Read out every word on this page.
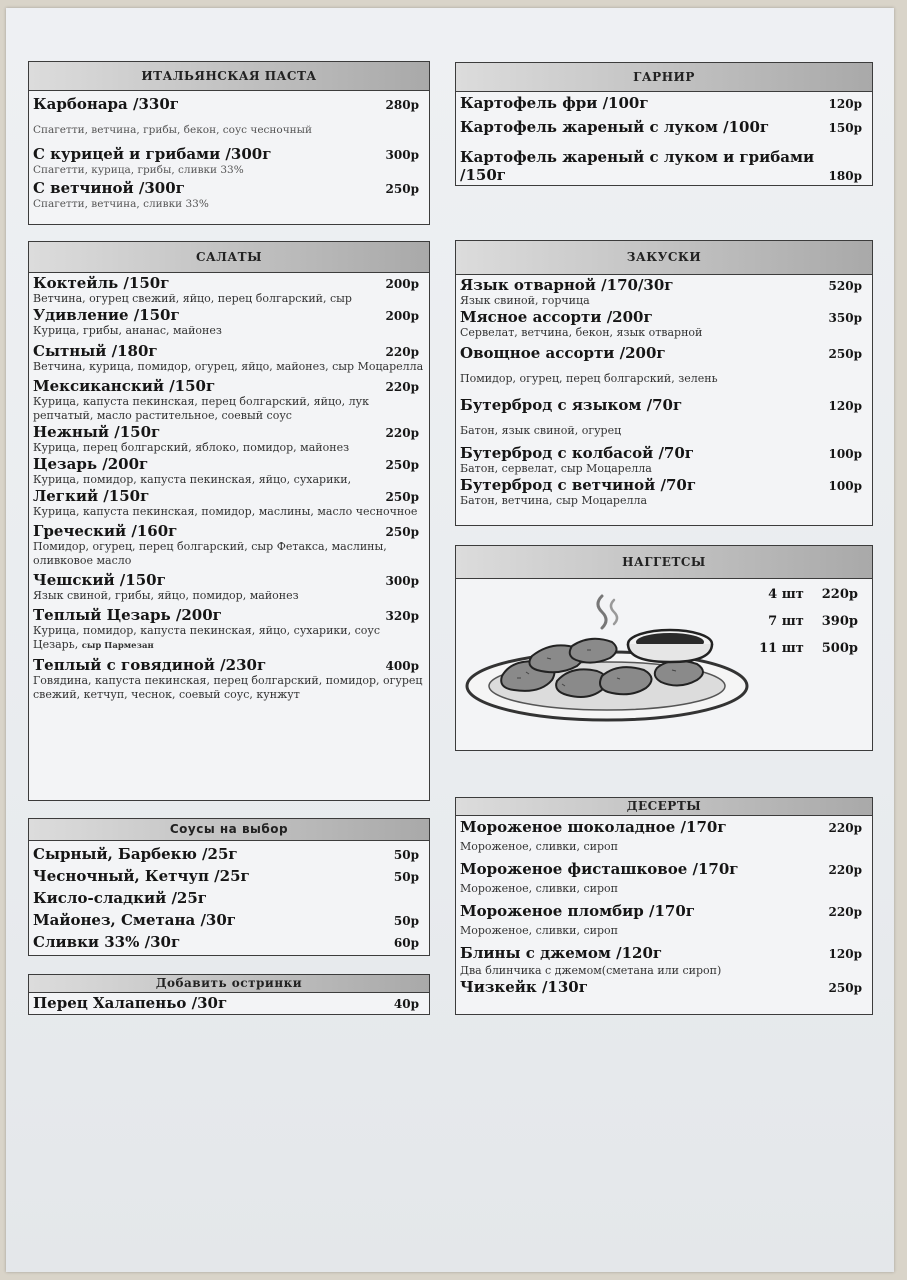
ИТАЛЬЯНСКАЯ ПАСТА
Карбонара /330г	280р
Спагетти, ветчина, грибы, бекон, соус чесночный
С курицей и грибами /300г	300р
Спагетти, курица, грибы, сливки 33%
С ветчиной /300г	250р
Спагетти, ветчина, сливки 33%
САЛАТЫ
Коктейль /150г	200р
Ветчина, огурец свежий, яйцо, перец болгарский, сыр
Удивление /150г	200р
Курица, грибы, ананас, майонез
Сытный /180г	220р
Ветчина, курица, помидор, огурец, яйцо, майонез, сыр Моцарелла
Мексиканский /150г	220р
Курица, капуста пекинская, перец болгарский, яйцо, лук репчатый, масло растительное, соевый соус
Нежный /150г	220р
Курица, перец болгарский, яблоко, помидор, майонез
Цезарь /200г	250р
Курица, помидор, капуста пекинская, яйцо, сухарики,
Легкий /150г	250р
Курица, капуста пекинская, помидор, маслины, масло чесночное
Греческий /160г	250р
Помидор, огурец, перец болгарский, сыр Фетакса, маслины, оливковое масло
Чешский /150г	300р
Язык свиной, грибы, яйцо, помидор, майонез
Теплый Цезарь /200г	320р
Курица, помидор, капуста пекинская, яйцо, сухарики, соус Цезарь, сыр Пармезан
Теплый с говядиной /230г	400р
Говядина, капуста пекинская, перец болгарский, помидор, огурец свежий, кетчуп, чеснок, соевый соус, кунжут
Соусы на выбор
Сырный, Барбекю /25г	50р
Чесночный, Кетчуп /25г	50р
Кисло-сладкий /25г
Майонез, Сметана /30г	50р
Сливки 33% /30г	60р
Добавить остринки
Перец Халапеньо /30г	40р
ГАРНИР
Картофель фри /100г	120р
Картофель жареный с луком /100г	150р
Картофель жареный с луком и грибами
/150г	180р
ЗАКУСКИ
Язык отварной /170/30г	520р
Язык свиной, горчица
Мясное ассорти /200г	350р
Сервелат, ветчина, бекон, язык отварной
Овощное ассорти /200г	250р
Помидор, огурец, перец болгарский, зелень
Бутерброд с языком /70г	120р
Батон, язык свиной, огурец
Бутерброд с колбасой /70г	100р
Батон, сервелат, сыр Моцарелла
Бутерброд с ветчиной /70г	100р
Батон, ветчина, сыр Моцарелла
НАГГЕТСЫ
4 шт 220р
7 шт 390р
11 шт 500р
ДЕСЕРТЫ
Мороженое шоколадное /170г	220р
Мороженое, сливки, сироп
Мороженое фисташковое /170г	220р
Мороженое, сливки, сироп
Мороженое пломбир /170г	220р
Мороженое, сливки, сироп
Блины с джемом /120г	120р
Два блинчика с джемом(сметана или сироп)
Чизкейк /130г	250р
